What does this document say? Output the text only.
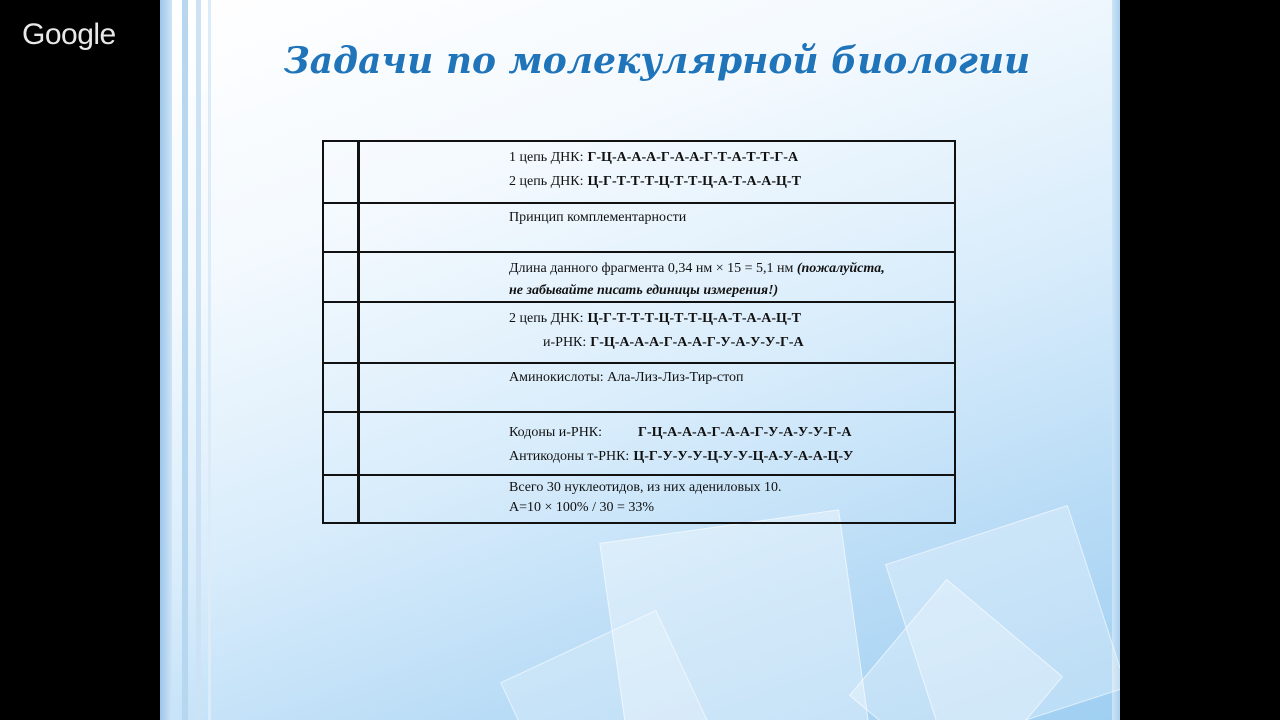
Google
Задачи по молекулярной биологии

	1 цепь ДНК: Г-Ц-А-А-А-Г-А-А-Г-Т-А-Т-Т-Г-А
2 цепь ДНК: Ц-Г-Т-Т-Т-Ц-Т-Т-Ц-А-Т-А-А-Ц-Т

	Принцип комплементарности

	Длина данного фрагмента 0,34 нм × 15 = 5,1 нм (пожалуйста,
не забывайте писать единицы измерения!)

	2 цепь ДНК: Ц-Г-Т-Т-Т-Ц-Т-Т-Ц-А-Т-А-А-Ц-Т
и-РНК: Г-Ц-А-А-А-Г-А-А-Г-У-А-У-У-Г-А

	Аминокислоты: Ала-Лиз-Лиз-Тир-стоп

	Кодоны и-РНК: Г-Ц-А-А-А-Г-А-А-Г-У-А-У-У-Г-А
Антикодоны т-РНК: Ц-Г-У-У-У-Ц-У-У-Ц-А-У-А-А-Ц-У

	Всего 30 нуклеотидов, из них адениловых 10.
А=10 × 100% / 30 = 33%
